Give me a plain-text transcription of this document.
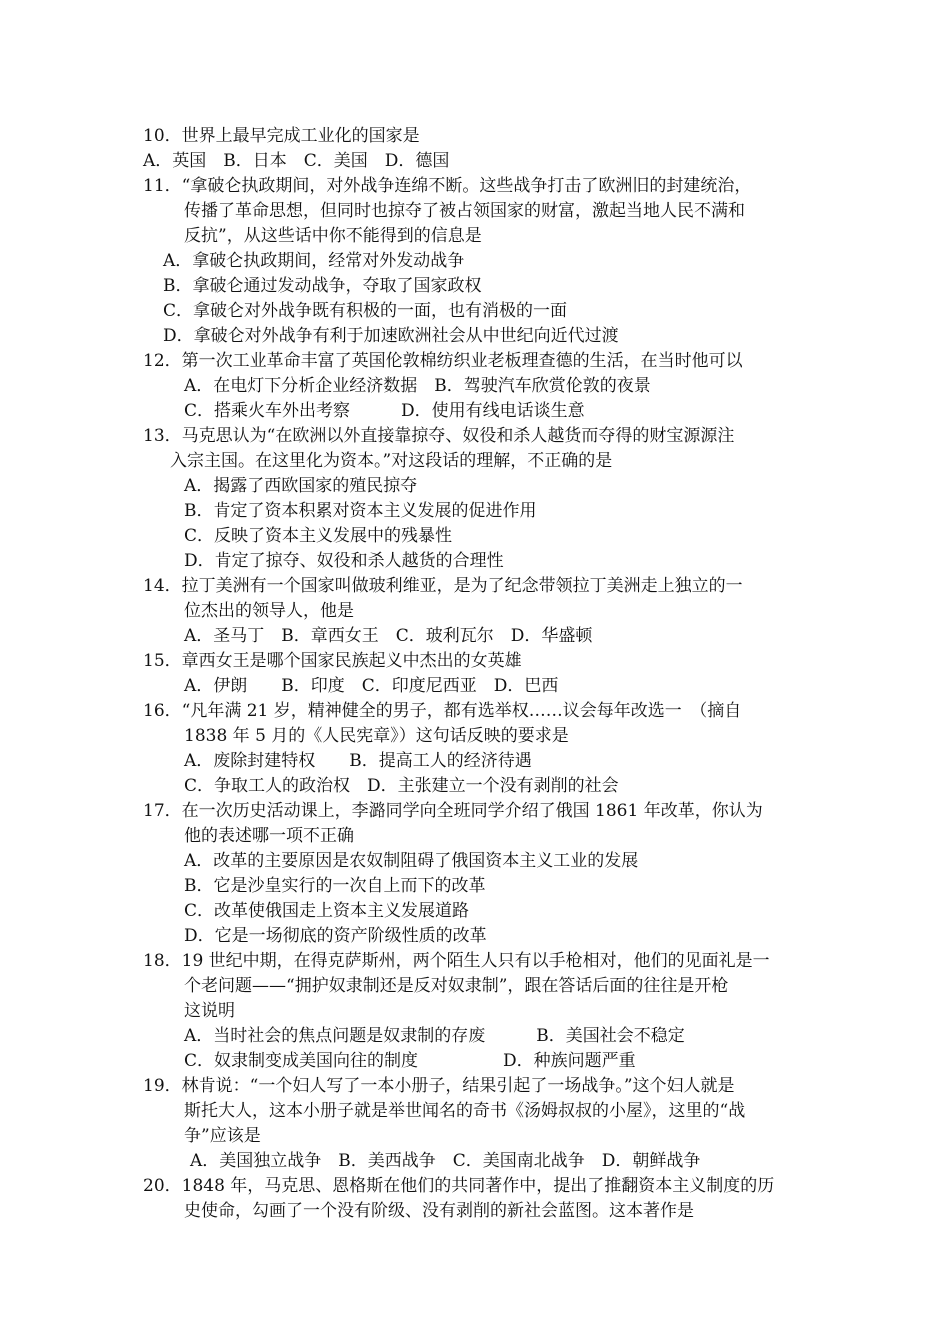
10．世界上最早完成工业化的国家是
A．英国　B．日本　C．美国　D．德国
11．“拿破仑执政期间，对外战争连绵不断。这些战争打击了欧洲旧的封建统治，
传播了革命思想，但同时也掠夺了被占领国家的财富，激起当地人民不满和
反抗”，从这些话中你不能得到的信息是
A．拿破仑执政期间，经常对外发动战争
B．拿破仑通过发动战争，夺取了国家政权
C．拿破仑对外战争既有积极的一面，也有消极的一面
D．拿破仑对外战争有利于加速欧洲社会从中世纪向近代过渡
12．第一次工业革命丰富了英国伦敦棉纺织业老板理查德的生活，在当时他可以
A．在电灯下分析企业经济数据　B．驾驶汽车欣赏伦敦的夜景
C．搭乘火车外出考察　　　D．使用有线电话谈生意
13．马克思认为“在欧洲以外直接靠掠夺、奴役和杀人越货而夺得的财宝源源注
入宗主国。在这里化为资本。”对这段话的理解，不正确的是
A．揭露了西欧国家的殖民掠夺
B．肯定了资本积累对资本主义发展的促进作用
C．反映了资本主义发展中的残暴性
D．肯定了掠夺、奴役和杀人越货的合理性
14．拉丁美洲有一个国家叫做玻利维亚，是为了纪念带领拉丁美洲走上独立的一
位杰出的领导人，他是
A．圣马丁　B．章西女王　C．玻利瓦尔　D．华盛顿
15．章西女王是哪个国家民族起义中杰出的女英雄
A．伊朗　　B．印度　C．印度尼西亚　D．巴西
16．“凡年满 21 岁，精神健全的男子，都有选举权……议会每年改选一　（摘自
1838 年 5 月的《人民宪章》）这句话反映的要求是
A．废除封建特权　　B．提高工人的经济待遇
C．争取工人的政治权　D．主张建立一个没有剥削的社会
17．在一次历史活动课上，李潞同学向全班同学介绍了俄国 1861 年改革，你认为
他的表述哪一项不正确
A．改革的主要原因是农奴制阻碍了俄国资本主义工业的发展
B．它是沙皇实行的一次自上而下的改革
C．改革使俄国走上资本主义发展道路
D．它是一场彻底的资产阶级性质的改革
18．19 世纪中期，在得克萨斯州，两个陌生人只有以手枪相对，他们的见面礼是一
个老问题——“拥护奴隶制还是反对奴隶制”，跟在答话后面的往往是开枪
这说明
A．当时社会的焦点问题是奴隶制的存废　　　B．美国社会不稳定
C．奴隶制变成美国向往的制度　　　　　D．种族问题严重
19．林肯说：“一个妇人写了一本小册子，结果引起了一场战争。”这个妇人就是
斯托大人，这本小册子就是举世闻名的奇书《汤姆叔叔的小屋》，这里的“战
争”应该是
A．美国独立战争　B．美西战争　C．美国南北战争　D．朝鲜战争
20．1848 年，马克思、恩格斯在他们的共同著作中，提出了推翻资本主义制度的历
史使命，勾画了一个没有阶级、没有剥削的新社会蓝图。这本著作是
